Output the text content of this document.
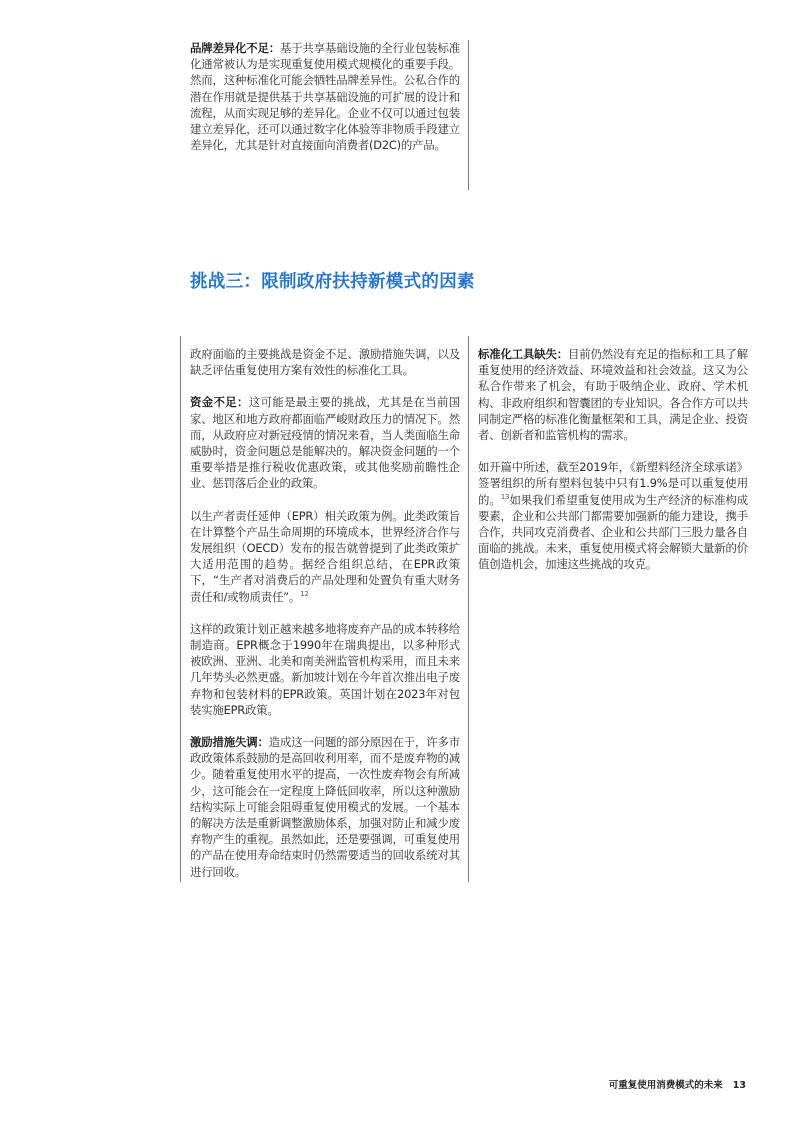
品牌差异化不足：基于共享基础设施的全行业包装标准化通常被认为是实现重复使用模式规模化的重要手段。然而，这种标准化可能会牺牲品牌差异性。公私合作的潜在作用就是提供基于共享基础设施的可扩展的设计和流程，从而实现足够的差异化。企业不仅可以通过包装建立差异化，还可以通过数字化体验等非物质手段建立差异化，尤其是针对直接面向消费者(D2C)的产品。

挑战三：限制政府扶持新模式的因素

政府面临的主要挑战是资金不足、激励措施失调，以及缺乏评估重复使用方案有效性的标准化工具。

资金不足：这可能是最主要的挑战，尤其是在当前国家、地区和地方政府都面临严峻财政压力的情况下。然而，从政府应对新冠疫情的情况来看，当人类面临生命威胁时，资金问题总是能解决的。解决资金问题的一个重要举措是推行税收优惠政策，或其他奖励前瞻性企业、惩罚落后企业的政策。

以生产者责任延伸（EPR）相关政策为例。此类政策旨在计算整个产品生命周期的环境成本，世界经济合作与发展组织（OECD）发布的报告就曾提到了此类政策扩大适用范围的趋势。据经合组织总结，在EPR政策下，“生产者对消费后的产品处理和处置负有重大财务责任和/或物质责任”。$^{12}$

这样的政策计划正越来越多地将废弃产品的成本转移给制造商。EPR概念于1990年在瑞典提出，以多种形式被欧洲、亚洲、北美和南美洲监管机构采用，而且未来几年势头必然更盛。新加坡计划在今年首次推出电子废弃物和包装材料的EPR政策。英国计划在2023年对包装实施EPR政策。

激励措施失调：造成这一问题的部分原因在于，许多市政政策体系鼓励的是高回收利用率，而不是废弃物的减少。随着重复使用水平的提高，一次性废弃物会有所减少，这可能会在一定程度上降低回收率，所以这种激励结构实际上可能会阻碍重复使用模式的发展。一个基本的解决方法是重新调整激励体系，加强对防止和减少废弃物产生的重视。虽然如此，还是要强调，可重复使用的产品在使用寿命结束时仍然需要适当的回收系统对其进行回收。

标准化工具缺失：目前仍然没有充足的指标和工具了解重复使用的经济效益、环境效益和社会效益。这又为公私合作带来了机会，有助于吸纳企业、政府、学术机构、非政府组织和智囊团的专业知识。各合作方可以共同制定严格的标准化衡量框架和工具，满足企业、投资者、创新者和监管机构的需求。

如开篇中所述，截至2019年，《新塑料经济全球承诺》签署组织的所有塑料包装中只有1.9%是可以重复使用的。$^{13}$如果我们希望重复使用成为生产经济的标准构成要素，企业和公共部门都需要加强新的能力建设，携手合作，共同攻克消费者、企业和公共部门三股力量各自面临的挑战。未来，重复使用模式将会解锁大量新的价值创造机会，加速这些挑战的攻克。

可重复使用消费模式的未来 13
